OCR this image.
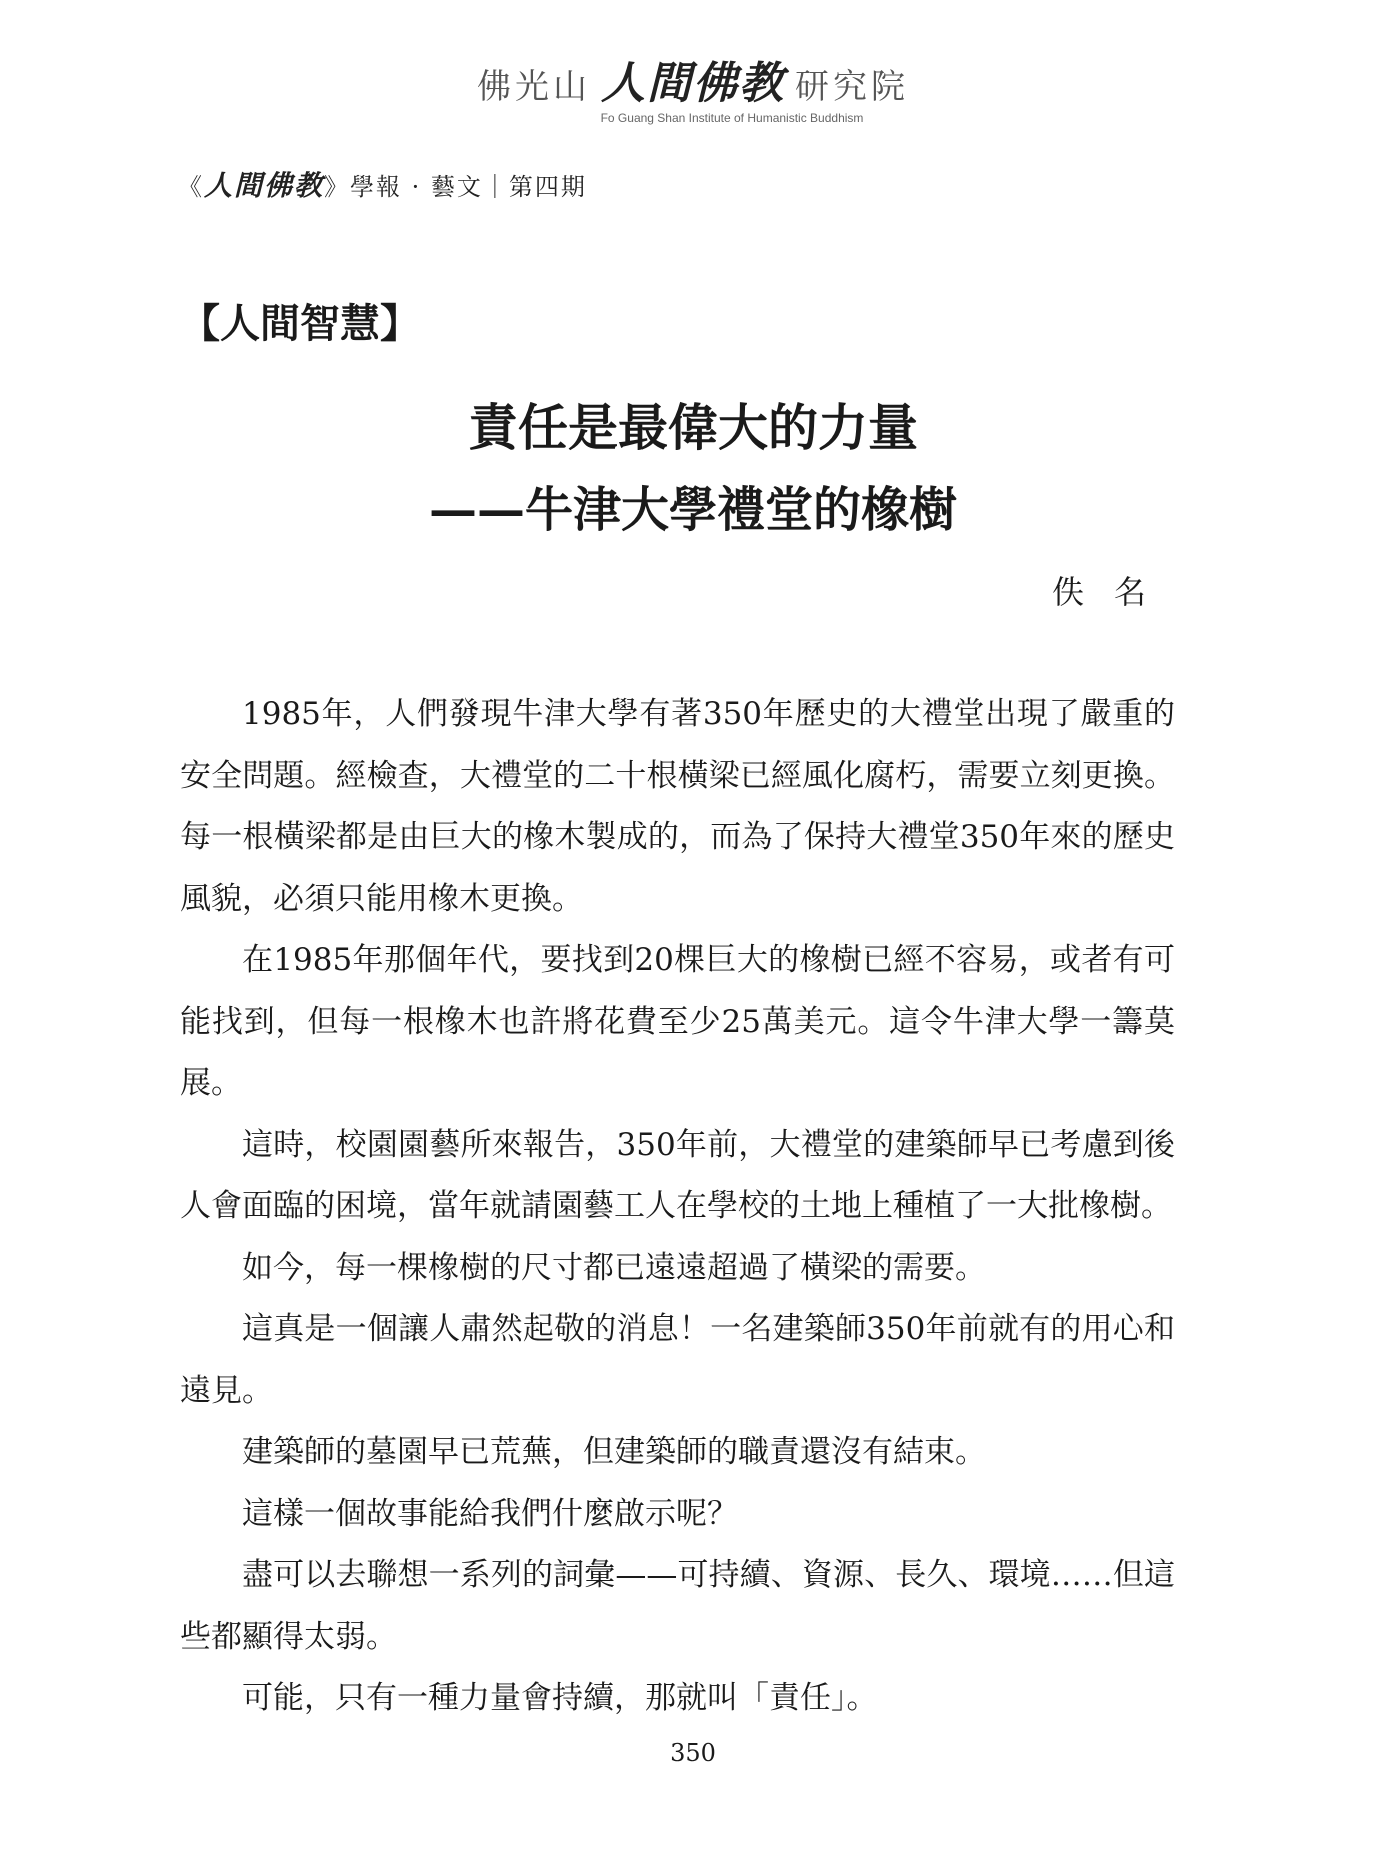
佛光山 人間佛教 研究院
Fo Guang Shan Institute of Humanistic Buddhism
《人間佛教》學報 · 藝文｜第四期
【人間智慧】
責任是最偉大的力量
——牛津大學禮堂的橡樹
佚名

1985年，人們發現牛津大學有著350年歷史的大禮堂出現了嚴重的安全問題。經檢查，大禮堂的二十根橫梁已經風化腐朽，需要立刻更換。每一根橫梁都是由巨大的橡木製成的，而為了保持大禮堂350年來的歷史風貌，必須只能用橡木更換。

在1985年那個年代，要找到20棵巨大的橡樹已經不容易，或者有可能找到，但每一根橡木也許將花費至少25萬美元。這令牛津大學一籌莫展。

這時，校園園藝所來報告，350年前，大禮堂的建築師早已考慮到後人會面臨的困境，當年就請園藝工人在學校的土地上種植了一大批橡樹。

如今，每一棵橡樹的尺寸都已遠遠超過了橫梁的需要。

這真是一個讓人肅然起敬的消息！一名建築師350年前就有的用心和遠見。

建築師的墓園早已荒蕪，但建築師的職責還沒有結束。

這樣一個故事能給我們什麼啟示呢？

盡可以去聯想一系列的詞彙——可持續、資源、長久、環境……但這些都顯得太弱。

可能，只有一種力量會持續，那就叫「責任」。

350
